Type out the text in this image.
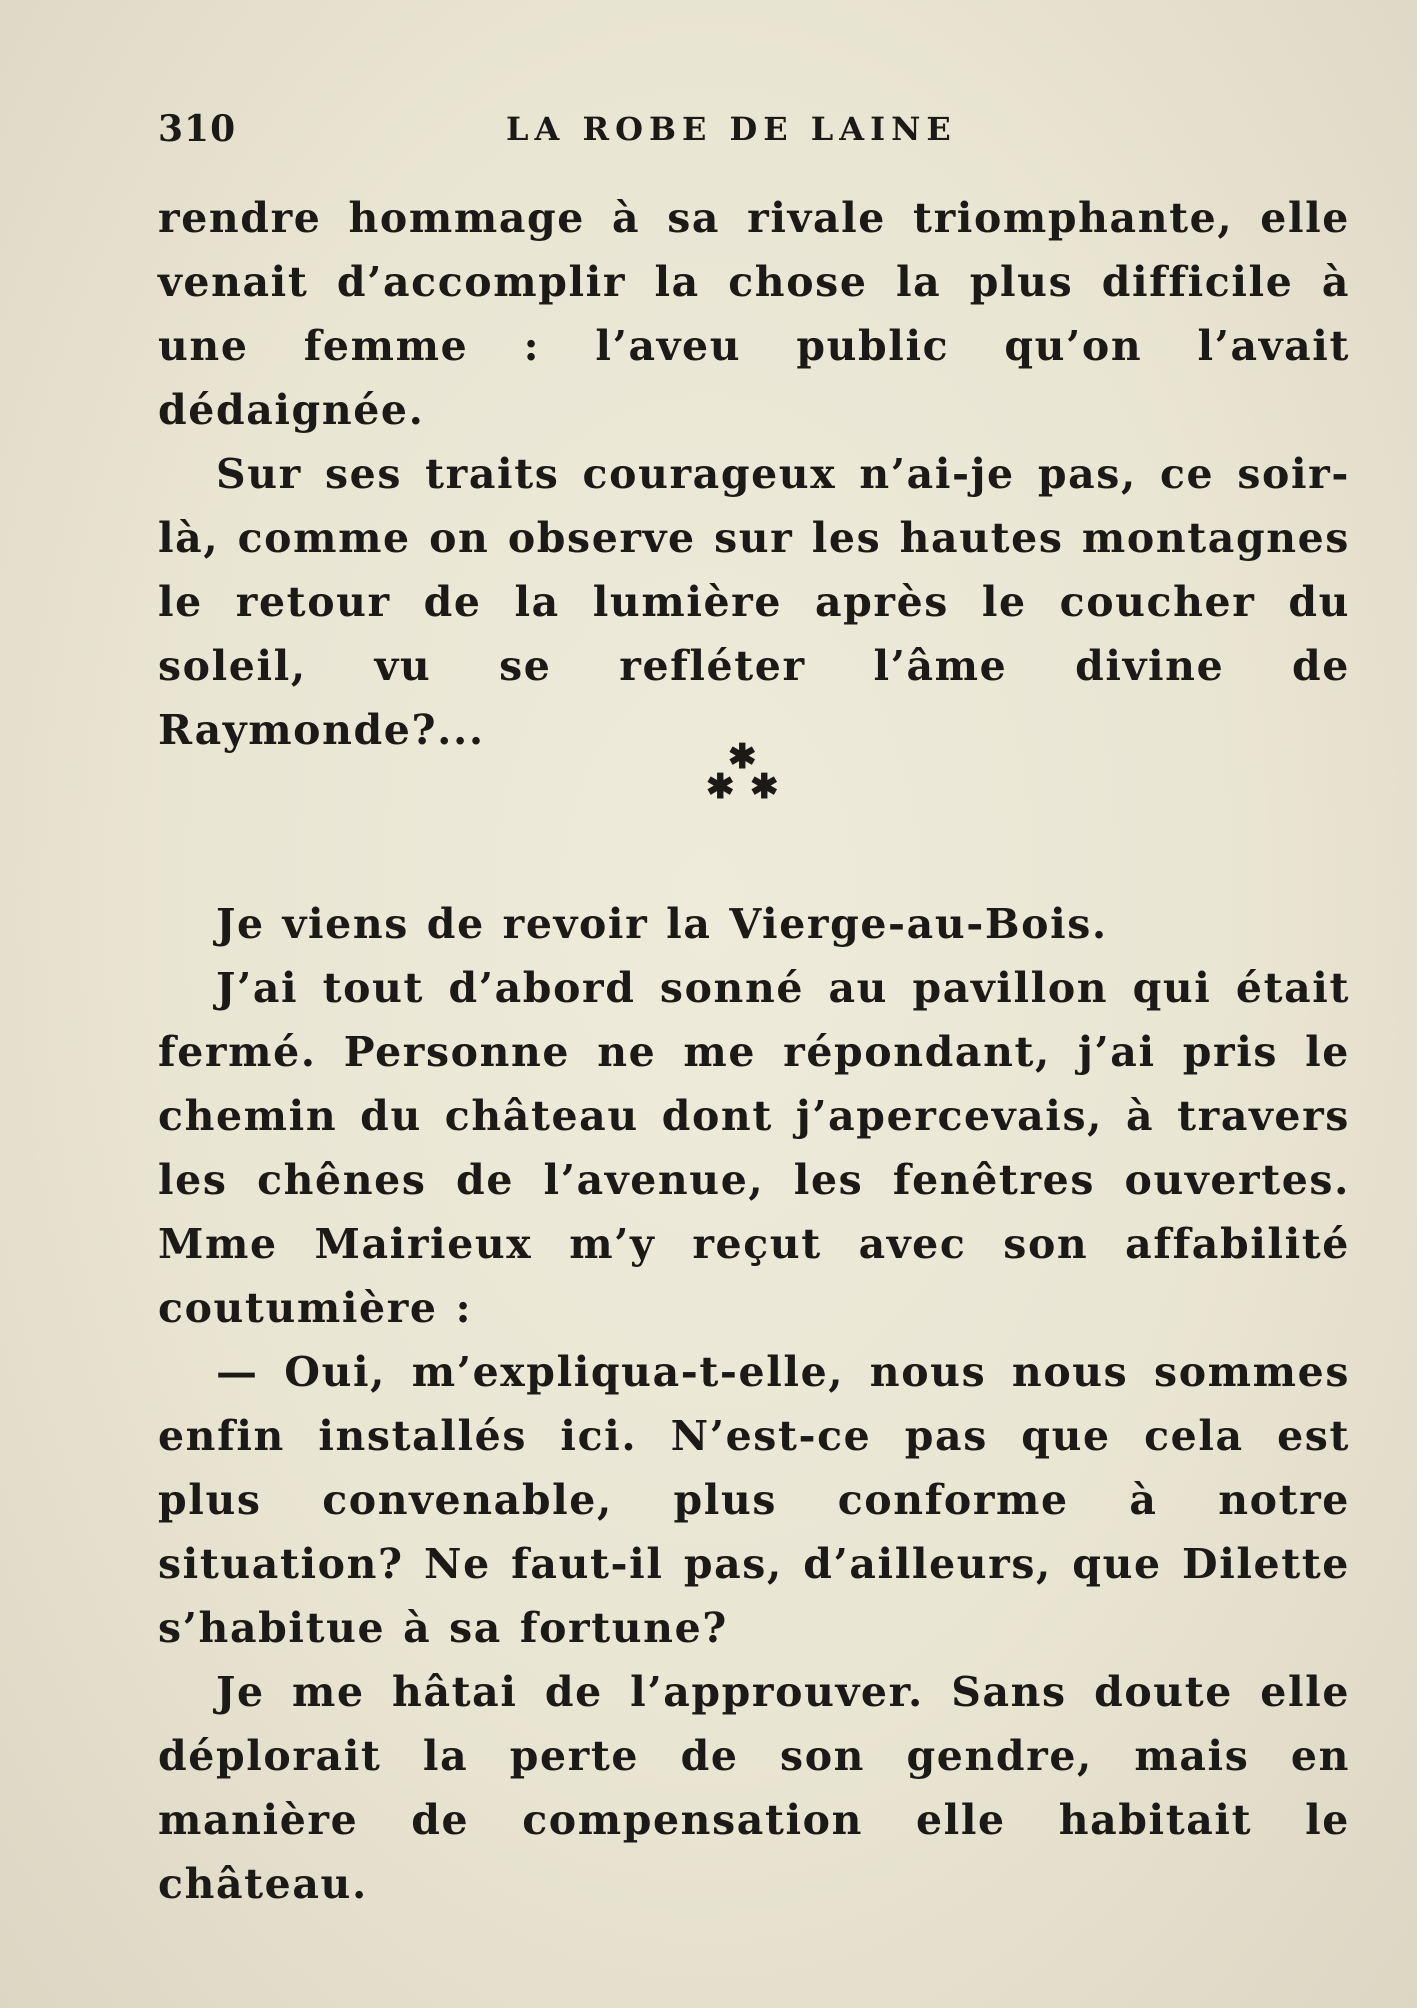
310	LA ROBE DE LAINE

rendre hommage à sa rivale triomphante, elle venait d’accomplir la chose la plus difficile à une femme : l’aveu public qu’on l’avait dédaignée.

Sur ses traits courageux n’ai-je pas, ce soir-là, comme on observe sur les hautes montagnes le retour de la lumière après le coucher du soleil, vu se refléter l’âme divine de Raymonde?...

✱
✱ ✱

Je viens de revoir la Vierge-au-Bois.

J’ai tout d’abord sonné au pavillon qui était fermé. Personne ne me répondant, j’ai pris le chemin du château dont j’apercevais, à travers les chênes de l’avenue, les fenêtres ouvertes. Mme Mairieux m’y reçut avec son affabilité coutumière :

— Oui, m’expliqua-t-elle, nous nous sommes enfin installés ici. N’est-ce pas que cela est plus convenable, plus conforme à notre situation? Ne faut-il pas, d’ailleurs, que Dilette s’habitue à sa fortune?

Je me hâtai de l’approuver. Sans doute elle déplorait la perte de son gendre, mais en manière de compensation elle habitait le château.
